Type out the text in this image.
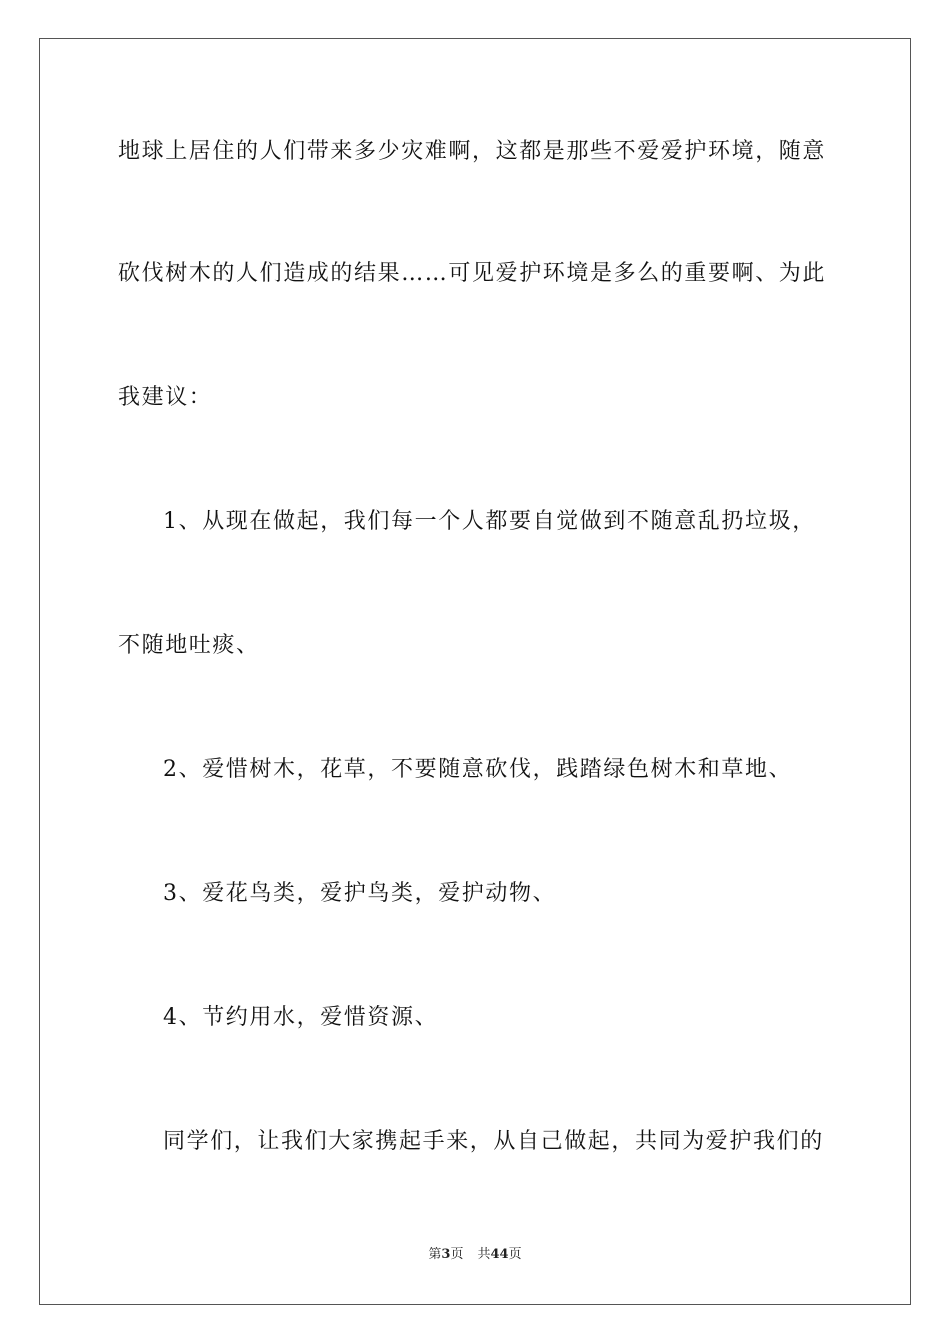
地球上居住的人们带来多少灾难啊，这都是那些不爱爱护环境，随意
砍伐树木的人们造成的结果……可见爱护环境是多么的重要啊、为此
我建议：
1、从现在做起，我们每一个人都要自觉做到不随意乱扔垃圾，
不随地吐痰、
2、爱惜树木，花草，不要随意砍伐，践踏绿色树木和草地、
3、爱花鸟类，爱护鸟类，爱护动物、
4、节约用水，爱惜资源、
同学们，让我们大家携起手来，从自己做起，共同为爱护我们的
第3页 共44页
